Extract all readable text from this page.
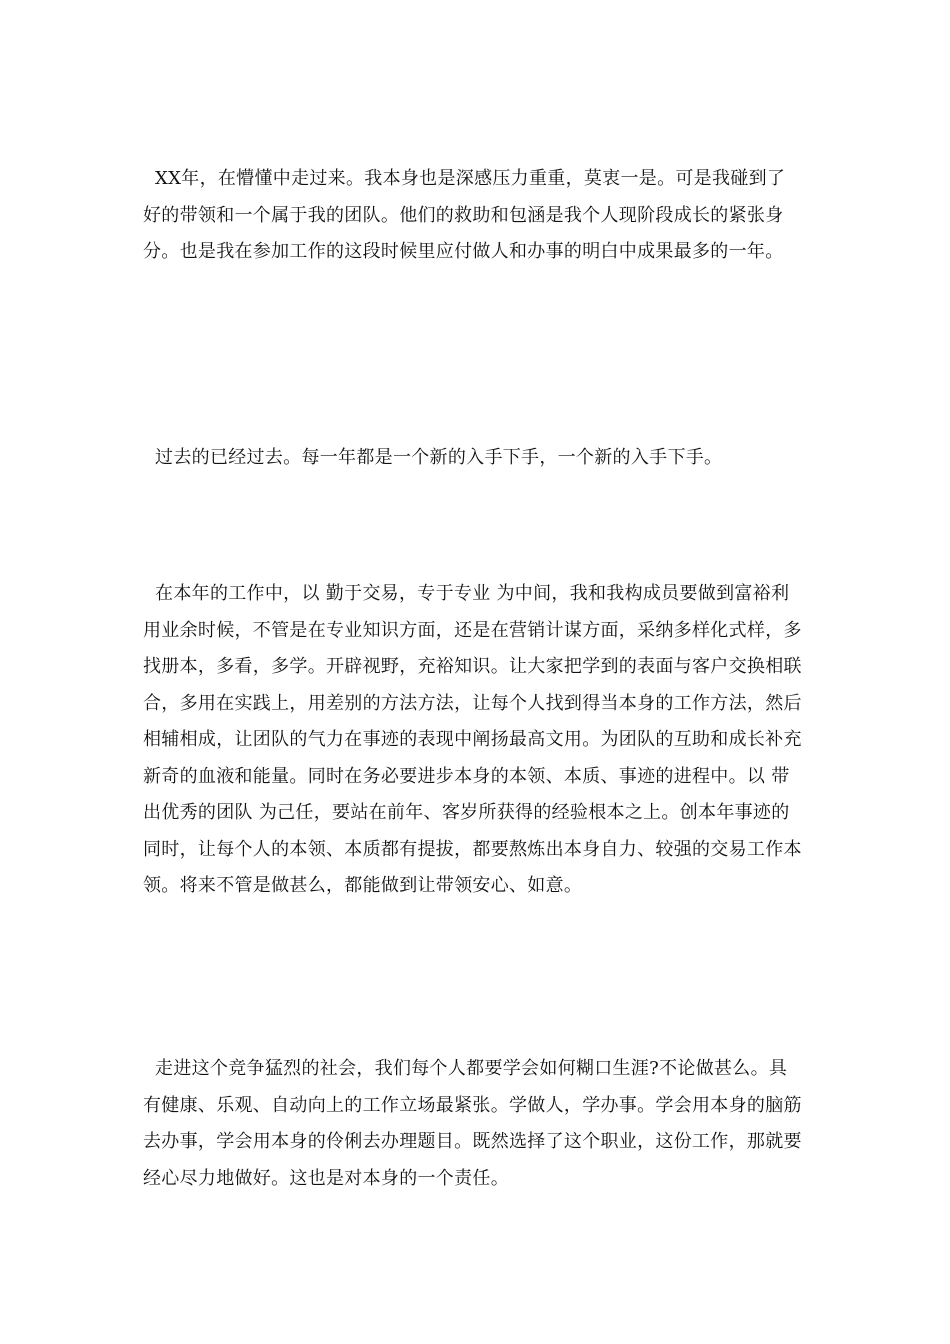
XX年，在懵懂中走过来。我本身也是深感压力重重，莫衷一是。可是我碰到了好的带领和一个属于我的团队。他们的救助和包涵是我个人现阶段成长的紧张身分。也是我在参加工作的这段时候里应付做人和办事的明白中成果最多的一年。

过去的已经过去。每一年都是一个新的入手下手，一个新的入手下手。

在本年的工作中，以 勤于交易，专于专业 为中间，我和我构成员要做到富裕利用业余时候，不管是在专业知识方面，还是在营销计谋方面，采纳多样化式样，多找册本，多看，多学。开辟视野，充裕知识。让大家把学到的表面与客户交换相联合，多用在实践上，用差别的方法方法，让每个人找到得当本身的工作方法，然后相辅相成，让团队的气力在事迹的表现中阐扬最高文用。为团队的互助和成长补充新奇的血液和能量。同时在务必要进步本身的本领、本质、事迹的进程中。以 带出优秀的团队 为己任，要站在前年、客岁所获得的经验根本之上。创本年事迹的同时，让每个人的本领、本质都有提拔，都要熬炼出本身自力、较强的交易工作本领。将来不管是做甚么，都能做到让带领安心、如意。

走进这个竞争猛烈的社会，我们每个人都要学会如何糊口生涯?不论做甚么。具有健康、乐观、自动向上的工作立场最紧张。学做人，学办事。学会用本身的脑筋去办事，学会用本身的伶俐去办理题目。既然选择了这个职业，这份工作，那就要经心尽力地做好。这也是对本身的一个责任。
